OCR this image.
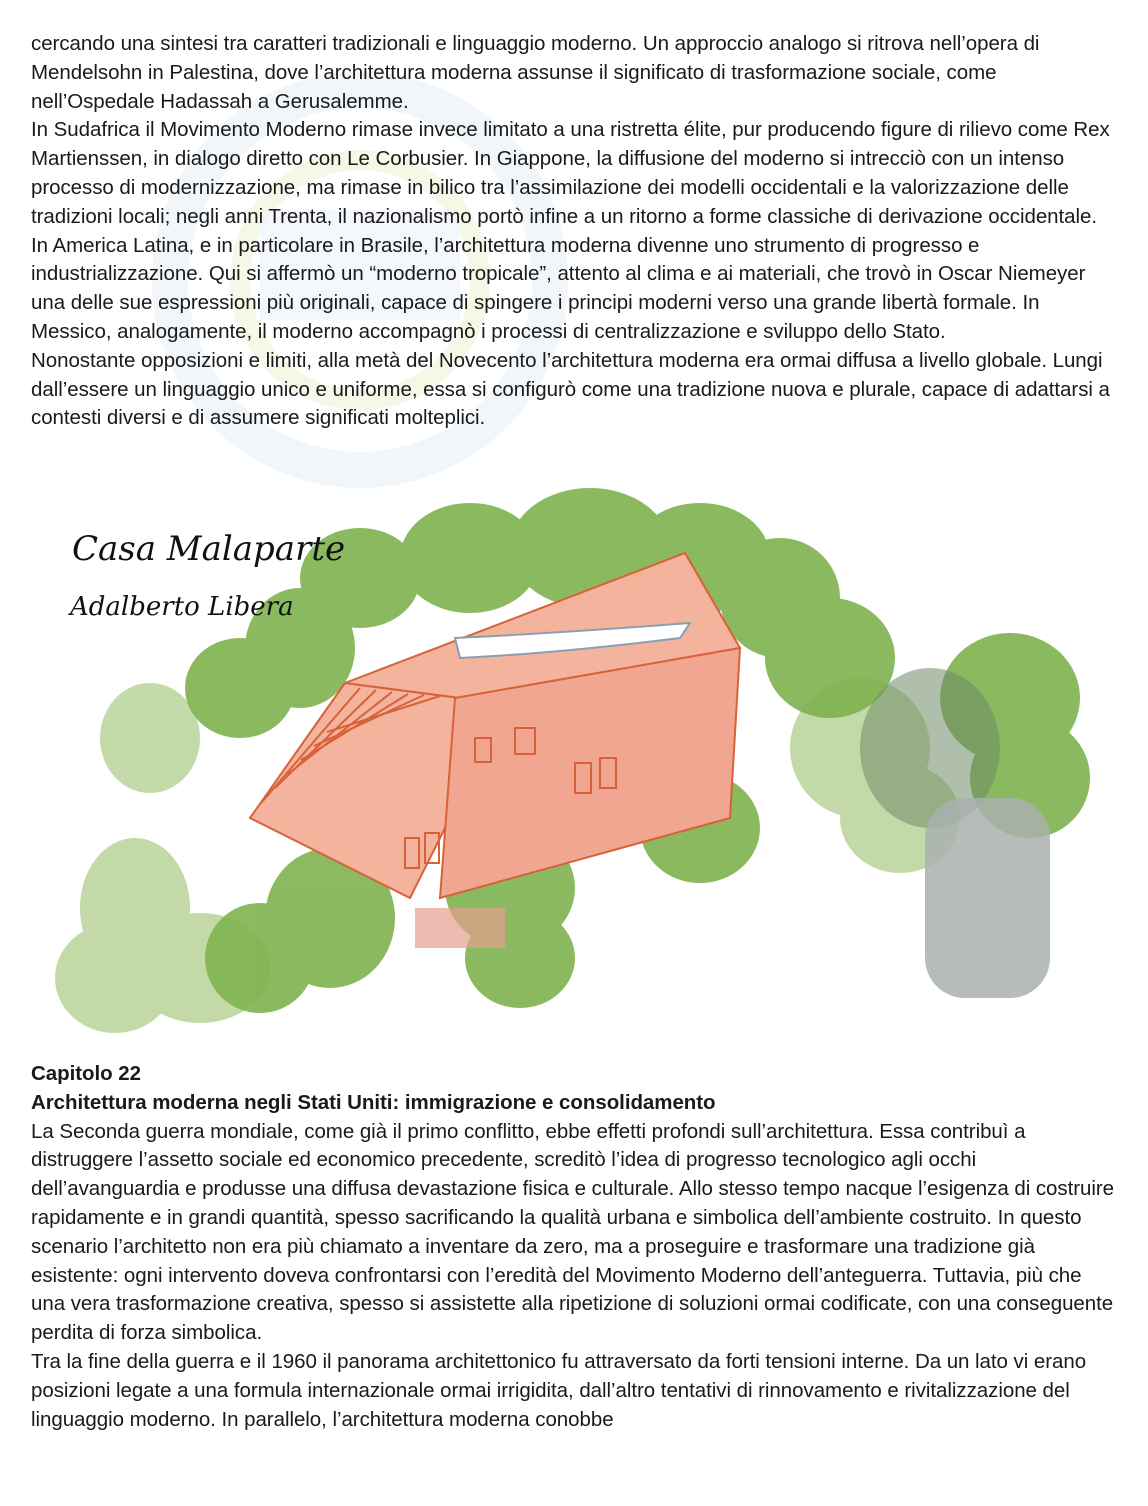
cercando una sintesi tra caratteri tradizionali e linguaggio moderno. Un approccio analogo si ritrova nell’opera di Mendelsohn in Palestina, dove l’architettura moderna assunse il significato di trasformazione sociale, come nell’Ospedale Hadassah a Gerusalemme.

In Sudafrica il Movimento Moderno rimase invece limitato a una ristretta élite, pur producendo figure di rilievo come Rex Martienssen, in dialogo diretto con Le Corbusier. In Giappone, la diffusione del moderno si intrecciò con un intenso processo di modernizzazione, ma rimase in bilico tra l’assimilazione dei modelli occidentali e la valorizzazione delle tradizioni locali; negli anni Trenta, il nazionalismo portò infine a un ritorno a forme classiche di derivazione occidentale.

In America Latina, e in particolare in Brasile, l’architettura moderna divenne uno strumento di progresso e industrializzazione. Qui si affermò un “moderno tropicale”, attento al clima e ai materiali, che trovò in Oscar Niemeyer una delle sue espressioni più originali, capace di spingere i principi moderni verso una grande libertà formale. In Messico, analogamente, il moderno accompagnò i processi di centralizzazione e sviluppo dello Stato.

Nonostante opposizioni e limiti, alla metà del Novecento l’architettura moderna era ormai diffusa a livello globale. Lungi dall’essere un linguaggio unico e uniforme, essa si configurò come una tradizione nuova e plurale, capace di adattarsi a contesti diversi e di assumere significati molteplici.

Casa Malaparte
Adalberto Libera

Capitolo 22

Architettura moderna negli Stati Uniti: immigrazione e consolidamento

La Seconda guerra mondiale, come già il primo conflitto, ebbe effetti profondi sull’architettura. Essa contribuì a distruggere l’assetto sociale ed economico precedente, screditò l’idea di progresso tecnologico agli occhi dell’avanguardia e produsse una diffusa devastazione fisica e culturale. Allo stesso tempo nacque l’esigenza di costruire rapidamente e in grandi quantità, spesso sacrificando la qualità urbana e simbolica dell’ambiente costruito. In questo scenario l’architetto non era più chiamato a inventare da zero, ma a proseguire e trasformare una tradizione già esistente: ogni intervento doveva confrontarsi con l’eredità del Movimento Moderno dell’anteguerra. Tuttavia, più che una vera trasformazione creativa, spesso si assistette alla ripetizione di soluzioni ormai codificate, con una conseguente perdita di forza simbolica.

Tra la fine della guerra e il 1960 il panorama architettonico fu attraversato da forti tensioni interne. Da un lato vi erano posizioni legate a una formula internazionale ormai irrigidita, dall’altro tentativi di rinnovamento e rivitalizzazione del linguaggio moderno. In parallelo, l’architettura moderna conobbe
